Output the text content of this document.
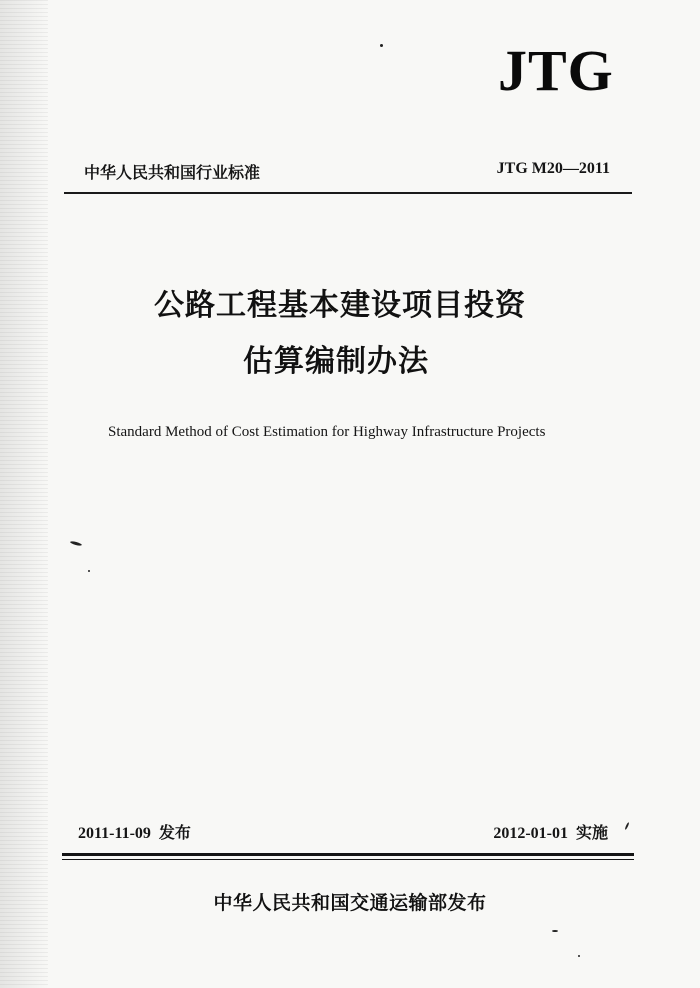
JTG
中华人民共和国行业标准	JTG M20—2011
公路工程基本建设项目投资
估算编制办法
Standard Method of Cost Estimation for Highway Infrastructure Projects
2011-11-09 发布	2012-01-01 实施
中华人民共和国交通运输部发布
